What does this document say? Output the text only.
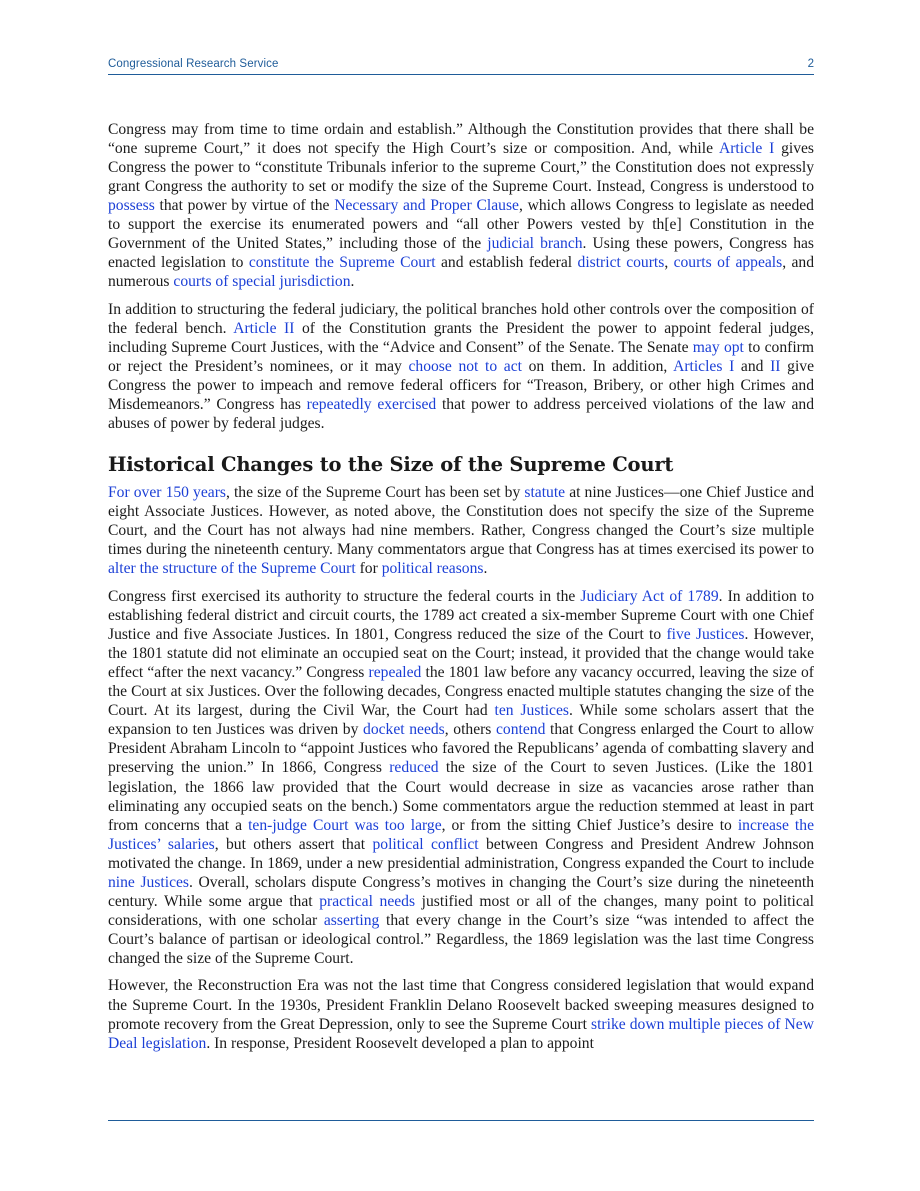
Congressional Research Service	2

Congress may from time to time ordain and establish.” Although the Constitution provides that there shall be “one supreme Court,” it does not specify the High Court’s size or composition. And, while Article I gives Congress the power to “constitute Tribunals inferior to the supreme Court,” the Constitution does not expressly grant Congress the authority to set or modify the size of the Supreme Court. Instead, Congress is understood to possess that power by virtue of the Necessary and Proper Clause, which allows Congress to legislate as needed to support the exercise its enumerated powers and “all other Powers vested by th[e] Constitution in the Government of the United States,” including those of the judicial branch. Using these powers, Congress has enacted legislation to constitute the Supreme Court and establish federal district courts, courts of appeals, and numerous courts of special jurisdiction.

In addition to structuring the federal judiciary, the political branches hold other controls over the composition of the federal bench. Article II of the Constitution grants the President the power to appoint federal judges, including Supreme Court Justices, with the “Advice and Consent” of the Senate. The Senate may opt to confirm or reject the President’s nominees, or it may choose not to act on them. In addition, Articles I and II give Congress the power to impeach and remove federal officers for “Treason, Bribery, or other high Crimes and Misdemeanors.” Congress has repeatedly exercised that power to address perceived violations of the law and abuses of power by federal judges.

Historical Changes to the Size of the Supreme Court

For over 150 years, the size of the Supreme Court has been set by statute at nine Justices—one Chief Justice and eight Associate Justices. However, as noted above, the Constitution does not specify the size of the Supreme Court, and the Court has not always had nine members. Rather, Congress changed the Court’s size multiple times during the nineteenth century. Many commentators argue that Congress has at times exercised its power to alter the structure of the Supreme Court for political reasons.

Congress first exercised its authority to structure the federal courts in the Judiciary Act of 1789. In addition to establishing federal district and circuit courts, the 1789 act created a six-member Supreme Court with one Chief Justice and five Associate Justices. In 1801, Congress reduced the size of the Court to five Justices. However, the 1801 statute did not eliminate an occupied seat on the Court; instead, it provided that the change would take effect “after the next vacancy.” Congress repealed the 1801 law before any vacancy occurred, leaving the size of the Court at six Justices. Over the following decades, Congress enacted multiple statutes changing the size of the Court. At its largest, during the Civil War, the Court had ten Justices. While some scholars assert that the expansion to ten Justices was driven by docket needs, others contend that Congress enlarged the Court to allow President Abraham Lincoln to “appoint Justices who favored the Republicans’ agenda of combatting slavery and preserving the union.” In 1866, Congress reduced the size of the Court to seven Justices. (Like the 1801 legislation, the 1866 law provided that the Court would decrease in size as vacancies arose rather than eliminating any occupied seats on the bench.) Some commentators argue the reduction stemmed at least in part from concerns that a ten-judge Court was too large, or from the sitting Chief Justice’s desire to increase the Justices’ salaries, but others assert that political conflict between Congress and President Andrew Johnson motivated the change. In 1869, under a new presidential administration, Congress expanded the Court to include nine Justices. Overall, scholars dispute Congress’s motives in changing the Court’s size during the nineteenth century. While some argue that practical needs justified most or all of the changes, many point to political considerations, with one scholar asserting that every change in the Court’s size “was intended to affect the Court’s balance of partisan or ideological control.” Regardless, the 1869 legislation was the last time Congress changed the size of the Supreme Court.

However, the Reconstruction Era was not the last time that Congress considered legislation that would expand the Supreme Court. In the 1930s, President Franklin Delano Roosevelt backed sweeping measures designed to promote recovery from the Great Depression, only to see the Supreme Court strike down multiple pieces of New Deal legislation. In response, President Roosevelt developed a plan to appoint
